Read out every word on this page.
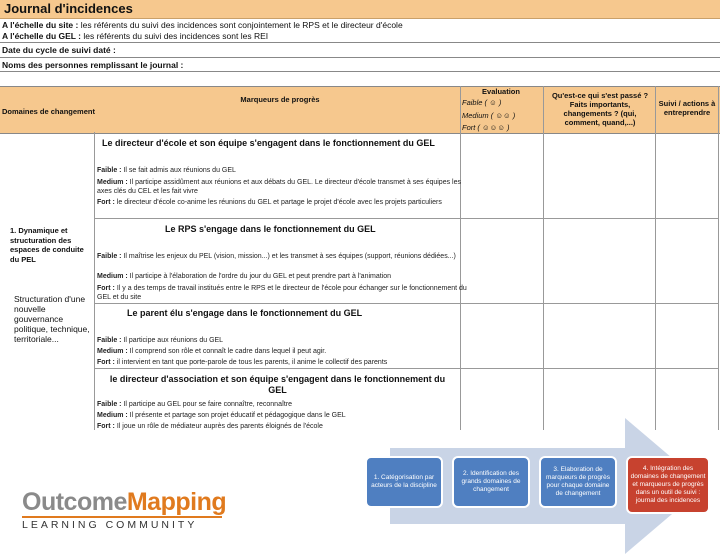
Journal d'incidences
A l'échelle du site : les référents du suivi des incidences sont conjointement le RPS et le directeur d'école
A l'échelle du GEL : les référents du suivi des incidences sont les REI
Date du cycle de suivi daté :
Noms des personnes remplissant le journal :
Domaines de changement
Marqueurs de progrès
Evaluation
Faible ( ☺ )
Medium ( ☺☺ )
Fort ( ☺☺☺ )
Qu'est-ce qui s'est passé ? Faits importants, changements ? (qui, comment, quand,...)
Suivi / actions à entreprendre
1. Dynamique et structuration des espaces de conduite du PEL
Structuration d'une nouvelle gouvernance politique, technique, territoriale...
Le directeur d'école et son équipe s'engagent dans le fonctionnement du GEL
Faible : Il se fait admis aux réunions du GEL
Medium : Il participe assidûment aux réunions et aux débats du GEL. Le directeur d'école transmet à ses équipes les axes clés du CEL et les fait vivre
Fort : le directeur d'école co-anime les réunions du GEL et partage le projet d'école avec les projets particuliers
Le RPS s'engage dans le fonctionnement du GEL
Faible : Il maîtrise les enjeux du PEL (vision, mission...) et les transmet à ses équipes (support, réunions dédiées...)
Medium : Il participe à l'élaboration de l'ordre du jour du GEL et peut prendre part à l'animation
Fort : Il y a des temps de travail institués entre le RPS et le directeur de l'école pour échanger sur le fonctionnement du GEL et du site
Le parent élu s'engage dans le fonctionnement du GEL
Faible : Il participe aux réunions du GEL
Medium : Il comprend son rôle et connaît le cadre dans lequel il peut agir.
Fort : il intervient en tant que porte-parole de tous les parents, il anime le collectif des parents
le directeur d'association et son équipe s'engagent dans le fonctionnement du GEL
Faible : Il participe au GEL pour se faire connaître, reconnaître
Medium : Il présente et partage son projet éducatif et pédagogique dans le GEL
Fort : Il joue un rôle de médiateur auprès des parents éloignés de l'école
1. Catégorisation par acteurs de la discipline
2. Identification des grands domaines de changement
3. Elaboration de marqueurs de progrès pour chaque domaine de changement
4. Intégration des domaines de changement et marqueurs de progrès dans un outil de suivi : journal des incidences
OutcomeMapping
LEARNING COMMUNITY
